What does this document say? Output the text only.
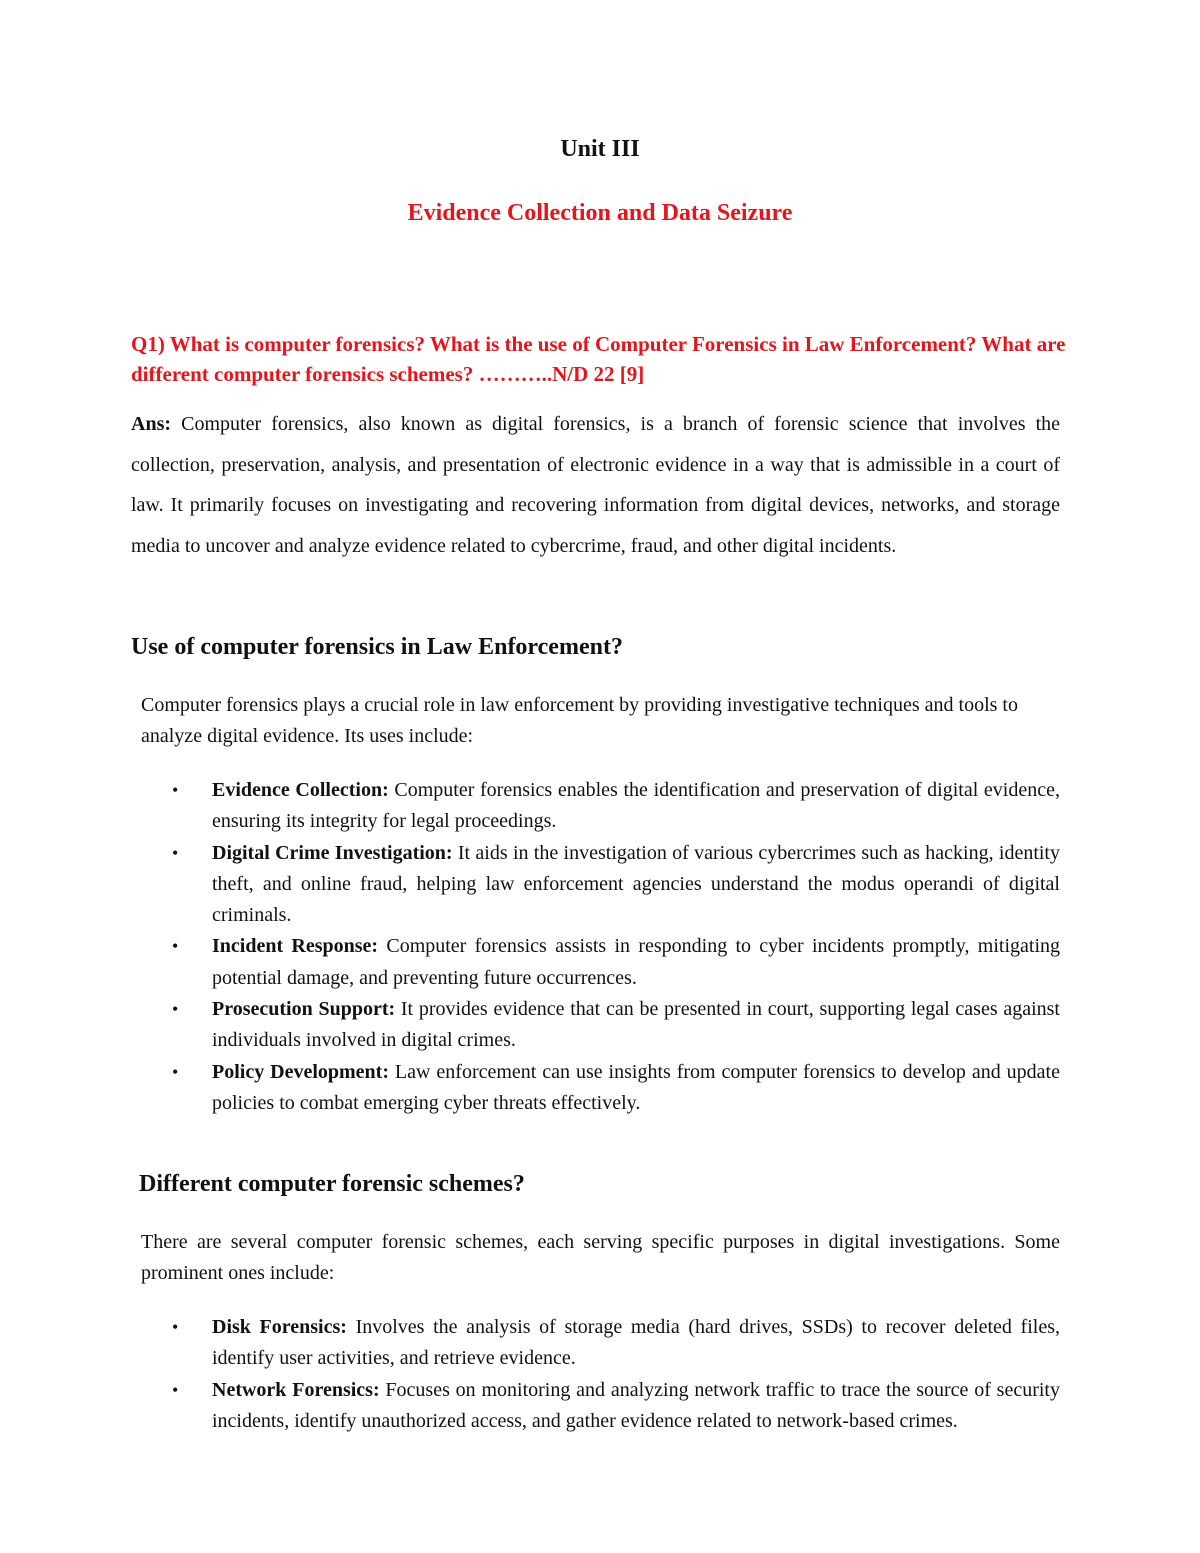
Unit III
Evidence Collection and Data Seizure
Q1) What is computer forensics? What is the use of Computer Forensics in Law Enforcement? What are different computer forensics schemes? ………..N/D 22 [9]
Ans: Computer forensics, also known as digital forensics, is a branch of forensic science that involves the collection, preservation, analysis, and presentation of electronic evidence in a way that is admissible in a court of law. It primarily focuses on investigating and recovering information from digital devices, networks, and storage media to uncover and analyze evidence related to cybercrime, fraud, and other digital incidents.
Use of computer forensics in Law Enforcement?
Computer forensics plays a crucial role in law enforcement by providing investigative techniques and tools to analyze digital evidence. Its uses include:
• Evidence Collection: Computer forensics enables the identification and preservation of digital evidence, ensuring its integrity for legal proceedings.
• Digital Crime Investigation: It aids in the investigation of various cybercrimes such as hacking, identity theft, and online fraud, helping law enforcement agencies understand the modus operandi of digital criminals.
• Incident Response: Computer forensics assists in responding to cyber incidents promptly, mitigating potential damage, and preventing future occurrences.
• Prosecution Support: It provides evidence that can be presented in court, supporting legal cases against individuals involved in digital crimes.
• Policy Development: Law enforcement can use insights from computer forensics to develop and update policies to combat emerging cyber threats effectively.
Different computer forensic schemes?
There are several computer forensic schemes, each serving specific purposes in digital investigations. Some prominent ones include:
• Disk Forensics: Involves the analysis of storage media (hard drives, SSDs) to recover deleted files, identify user activities, and retrieve evidence.
• Network Forensics: Focuses on monitoring and analyzing network traffic to trace the source of security incidents, identify unauthorized access, and gather evidence related to network-based crimes.
